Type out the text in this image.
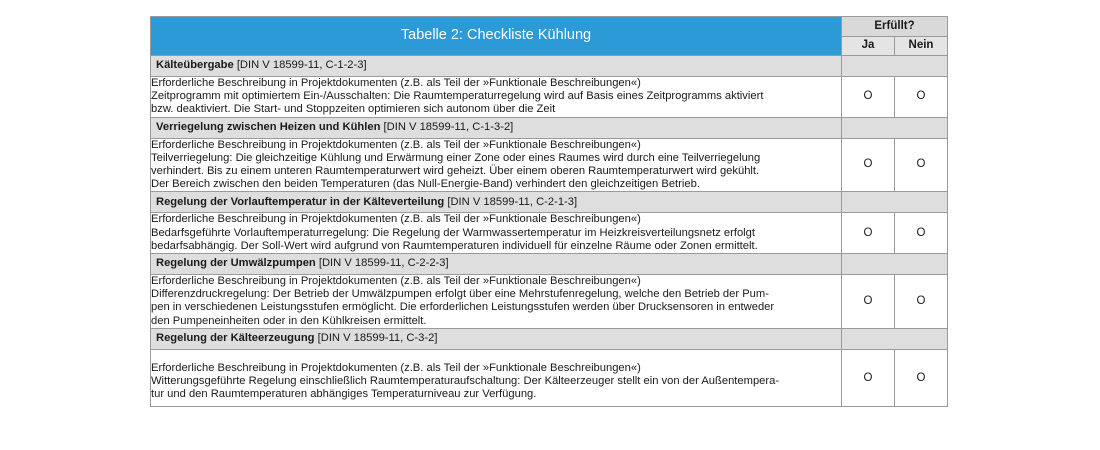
Tabelle 2: Checkliste Kühlung	Erfüllt?	
	Ja	Nein
Kälteübergabe [DIN V 18599-11, C-1-2-3]		

Erforderliche Beschreibung in Projektdokumenten (z.B. als Teil der »Funktionale Beschreibungen«)
Zeitprogramm mit optimiertem Ein-/Ausschalten: Die Raumtemperaturregelung wird auf Basis eines Zeitprogramms aktiviert
bzw. deaktiviert. Die Start- und Stoppzeiten optimieren sich autonom über die Zeit	O	O
Verriegelung zwischen Heizen und Kühlen [DIN V 18599-11, C-1-3-2]		

Erforderliche Beschreibung in Projektdokumenten (z.B. als Teil der »Funktionale Beschreibungen«)
Teilverriegelung: Die gleichzeitige Kühlung und Erwärmung einer Zone oder eines Raumes wird durch eine Teilverriegelung
verhindert. Bis zu einem unteren Raumtemperaturwert wird geheizt. Über einem oberen Raumtemperaturwert wird gekühlt.
Der Bereich zwischen den beiden Temperaturen (das Null-Energie-Band) verhindert den gleichzeitigen Betrieb.	O	O
Regelung der Vorlauftemperatur in der Kälteverteilung [DIN V 18599-11, C-2-1-3]		

Erforderliche Beschreibung in Projektdokumenten (z.B. als Teil der »Funktionale Beschreibungen«)
Bedarfsgeführte Vorlauftemperaturregelung: Die Regelung der Warmwassertemperatur im Heizkreisverteilungsnetz erfolgt
bedarfsabhängig. Der Soll-Wert wird aufgrund von Raumtemperaturen individuell für einzelne Räume oder Zonen ermittelt.	O	O
Regelung der Umwälzpumpen [DIN V 18599-11, C-2-2-3]		

Erforderliche Beschreibung in Projektdokumenten (z.B. als Teil der »Funktionale Beschreibungen«)
Differenzdruckregelung: Der Betrieb der Umwälzpumpen erfolgt über eine Mehrstufenregelung, welche den Betrieb der Pum-
pen in verschiedenen Leistungsstufen ermöglicht. Die erforderlichen Leistungsstufen werden über Drucksensoren in entweder
den Pumpeneinheiten oder in den Kühlkreisen ermittelt.	O	O
Regelung der Kälteerzeugung [DIN V 18599-11, C-3-2]		

Erforderliche Beschreibung in Projektdokumenten (z.B. als Teil der »Funktionale Beschreibungen«)
Witterungsgeführte Regelung einschließlich Raumtemperaturaufschaltung: Der Kälteerzeuger stellt ein von der Außentempera-
tur und den Raumtemperaturen abhängiges Temperaturniveau zur Verfügung.	O	O
